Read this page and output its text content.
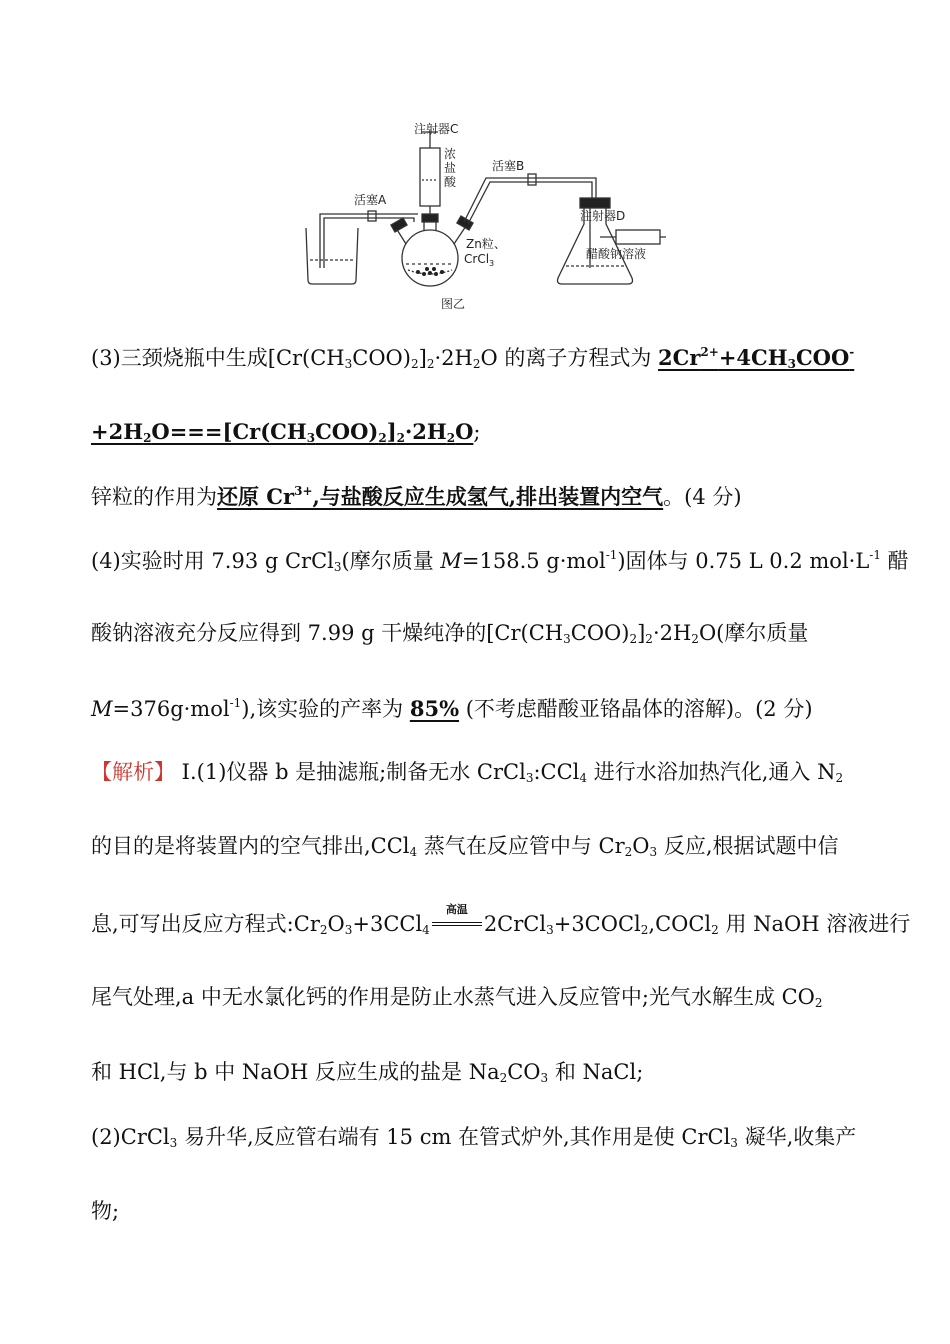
注射器C
浓
盐
酸
活塞A
活塞B
Zn粒、
CrCl$_3$
注射器D
醋酸钠溶液
图乙
(3)三颈烧瓶中生成$[Cr(CH_3COO)_2]_2\cdot 2H_2O$ 的离子方程式为 $2Cr^{2+}+4CH_3COO^-$
$+2H_2O===[Cr(CH_3COO)_2]_2\cdot 2H_2O$;
锌粒的作用为还原 $Cr^{3+}$,与盐酸反应生成氢气,排出装置内空气。(4 分)
(4)实验时用 7.93 g CrCl$_3$(摩尔质量 M=158.5 g·mol$^{-1}$)固体与 0.75 L 0.2 $mol\cdot L^{-1}$ 醋
酸钠溶液充分反应得到 7.99 g 干燥纯净的$[Cr(CH_3COO)_2]_2\cdot 2H_2O$(摩尔质量
M=376g·mol$^{-1}$),该实验的产率为 85% (不考虑醋酸亚铬晶体的溶解)。(2 分)
【解析】 Ⅰ.(1)仪器 b 是抽滤瓶;制备无水 CrCl$_3$:CCl$_4$ 进行水浴加热汽化,通入 $N_2$
的目的是将装置内的空气排出,CCl$_4$ 蒸气在反应管中与 $Cr_2O_3$ 反应,根据试题中信
息,可写出反应方程式$:Cr_2O_3+3CCl_4$
高温
2CrCl$_3$+3COCl$_2$,COCl$_2$ 用 NaOH 溶液进行
尾气处理,a 中无水氯化钙的作用是防止水蒸气进入反应管中;光气水解生成 $CO_2$
和 HCl,与 b 中 NaOH 反应生成的盐是 $Na_2CO_3$ 和 NaCl;
(2)CrCl$_3$ 易升华,反应管右端有 15 cm 在管式炉外,其作用是使 CrCl$_3$ 凝华,收集产
物;
